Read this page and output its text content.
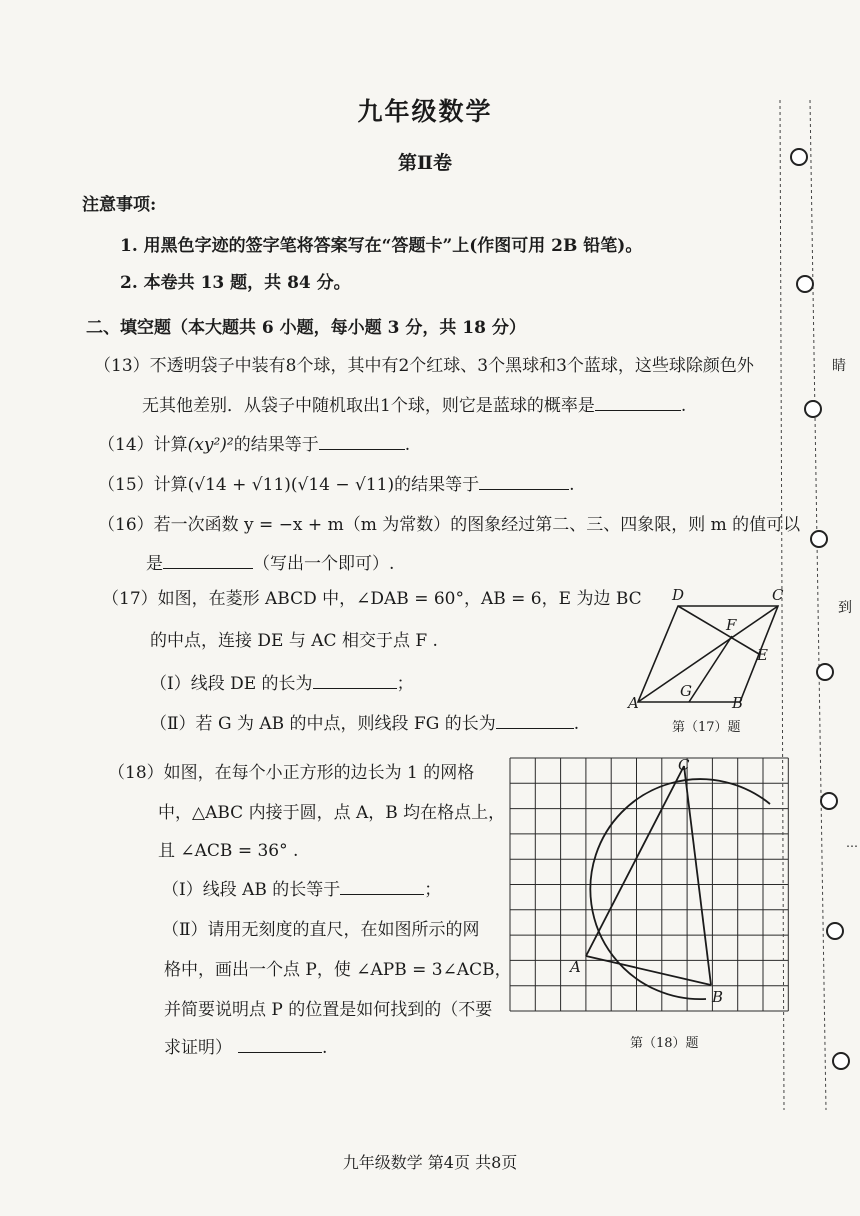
九年级数学
第Ⅱ卷
注意事项:
1. 用黑色字迹的签字笔将答案写在“答题卡”上(作图可用 2B 铅笔)。
2. 本卷共 13 题，共 84 分。
二、填空题（本大题共 6 小题，每小题 3 分，共 18 分）
（13）不透明袋子中装有8个球，其中有2个红球、3个黑球和3个蓝球，这些球除颜色外
无其他差别．从袋子中随机取出1个球，则它是蓝球的概率是	.
（14）计算(xy²)²的结果等于	.
（15）计算(√14 + √11)(√14 − √11)的结果等于	.
（16）若一次函数 y = −x + m（m 为常数）的图象经过第二、三、四象限，则 m 的值可以
是	（写出一个即可）.
（17）如图，在菱形 ABCD 中，∠DAB = 60°，AB = 6，E 为边 BC
的中点，连接 DE 与 AC 相交于点 F .
（Ⅰ）线段 DE 的长为	；
（Ⅱ）若 G 为 AB 的中点，则线段 FG 的长为	.
A	B
C
D
E
F
G
第（17）题
（18）如图，在每个小正方形的边长为 1 的网格
中，△ABC 内接于圆，点 A，B 均在格点上，
且 ∠ACB = 36° .
（Ⅰ）线段 AB 的长等于	；
（Ⅱ）请用无刻度的直尺，在如图所示的网
格中，画出一个点 P，使 ∠APB = 3∠ACB，
并简要说明点 P 的位置是如何找到的（不要
求证明）	.
A
B
C
第（18）题
睛
到
…
九年级数学 第4页 共8页
